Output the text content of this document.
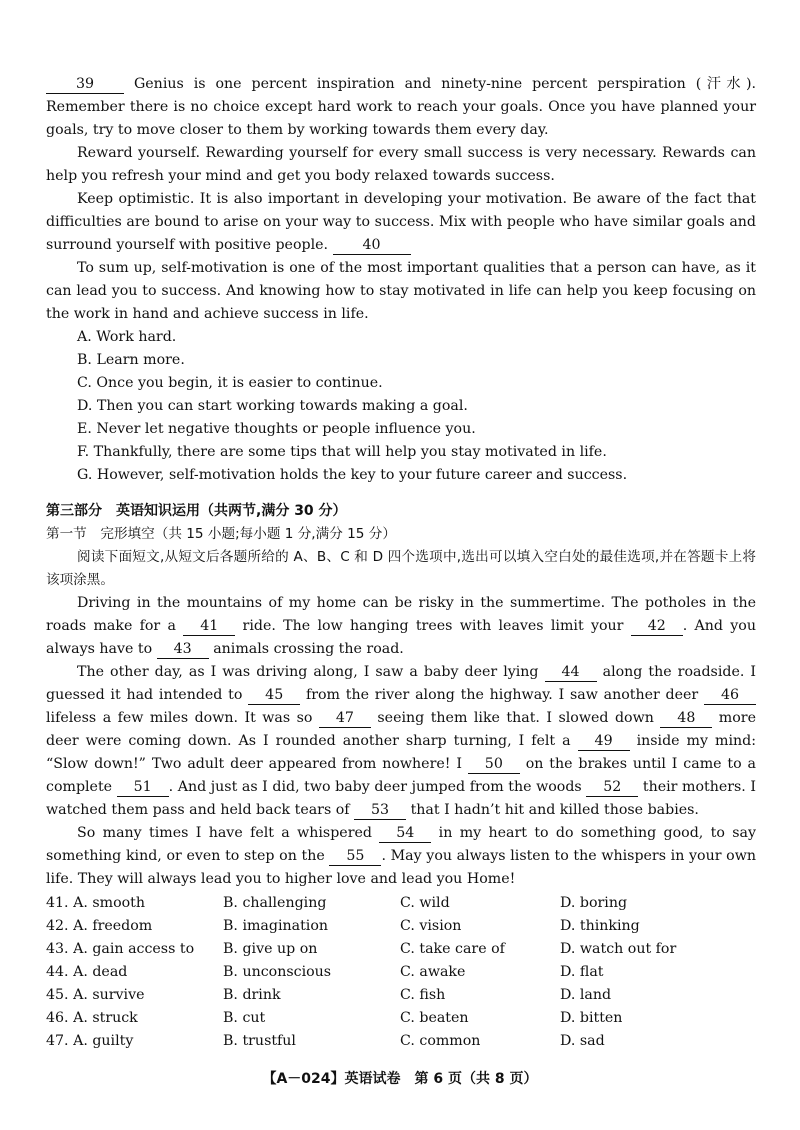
39 Genius is one percent inspiration and ninety-nine percent perspiration (汗水). Remember there is no choice except hard work to reach your goals. Once you have planned your goals, try to move closer to them by working towards them every day.

Reward yourself. Rewarding yourself for every small success is very necessary. Rewards can help you refresh your mind and get you body relaxed towards success.

Keep optimistic. It is also important in developing your motivation. Be aware of the fact that difficulties are bound to arise on your way to success. Mix with people who have similar goals and surround yourself with positive people. 40

To sum up, self-motivation is one of the most important qualities that a person can have, as it can lead you to success. And knowing how to stay motivated in life can help you keep focusing on the work in hand and achieve success in life.

A. Work hard.

B. Learn more.

C. Once you begin, it is easier to continue.

D. Then you can start working towards making a goal.

E. Never let negative thoughts or people influence you.

F. Thankfully, there are some tips that will help you stay motivated in life.

G. However, self-motivation holds the key to your future career and success.

第三部分　英语知识运用（共两节,满分 30 分）

第一节　完形填空（共 15 小题;每小题 1 分,满分 15 分）

阅读下面短文,从短文后各题所给的 A、B、C 和 D 四个选项中,选出可以填入空白处的最佳选项,并在答题卡上将该项涂黑。

Driving in the mountains of my home can be risky in the summertime. The potholes in the roads make for a 41 ride. The low hanging trees with leaves limit your 42 . And you always have to 43 animals crossing the road.

The other day, as I was driving along, I saw a baby deer lying 44 along the roadside. I guessed it had intended to 45 from the river along the highway. I saw another deer 46 lifeless a few miles down. It was so 47 seeing them like that. I slowed down 48 more deer were coming down. As I rounded another sharp turning, I felt a 49 inside my mind: “Slow down!” Two adult deer appeared from nowhere! I 50 on the brakes until I came to a complete 51 . And just as I did, two baby deer jumped from the woods 52 their mothers. I watched them pass and held back tears of 53 that I hadn’t hit and killed those babies.

So many times I have felt a whispered 54 in my heart to do something good, to say something kind, or even to step on the 55 . May you always listen to the whispers in your own life. They will always lead you to higher love and lead you Home!

41. A. smooth	B. challenging	C. wild	D. boring
42. A. freedom	B. imagination	C. vision	D. thinking
43. A. gain access to	B. give up on	C. take care of	D. watch out for
44. A. dead	B. unconscious	C. awake	D. flat
45. A. survive	B. drink	C. fish	D. land
46. A. struck	B. cut	C. beaten	D. bitten
47. A. guilty	B. trustful	C. common	D. sad
【A－024】英语试卷　第 6 页（共 8 页）
